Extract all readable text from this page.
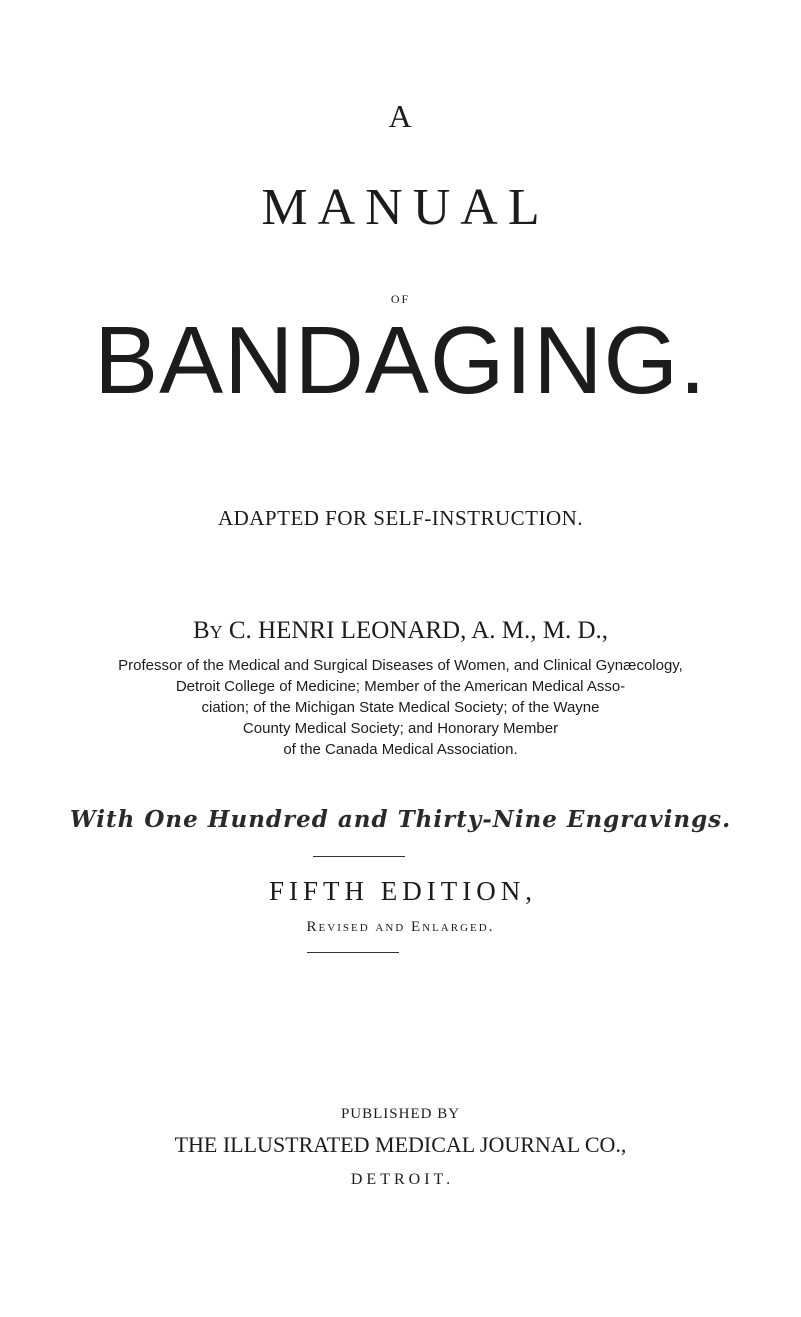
A
MANUAL
OF
BANDAGING.
ADAPTED FOR SELF-INSTRUCTION.
By C. HENRI LEONARD, A. M., M. D.,
Professor of the Medical and Surgical Diseases of Women, and Clinical Gynæcology,
Detroit College of Medicine; Member of the American Medical Asso-
ciation; of the Michigan State Medical Society; of the Wayne
County Medical Society; and Honorary Member
of the Canada Medical Association.
With One Hundred and Thirty-Nine Engravings.
FIFTH EDITION,
Revised and Enlarged.
PUBLISHED BY
THE ILLUSTRATED MEDICAL JOURNAL CO.,
DETROIT.
